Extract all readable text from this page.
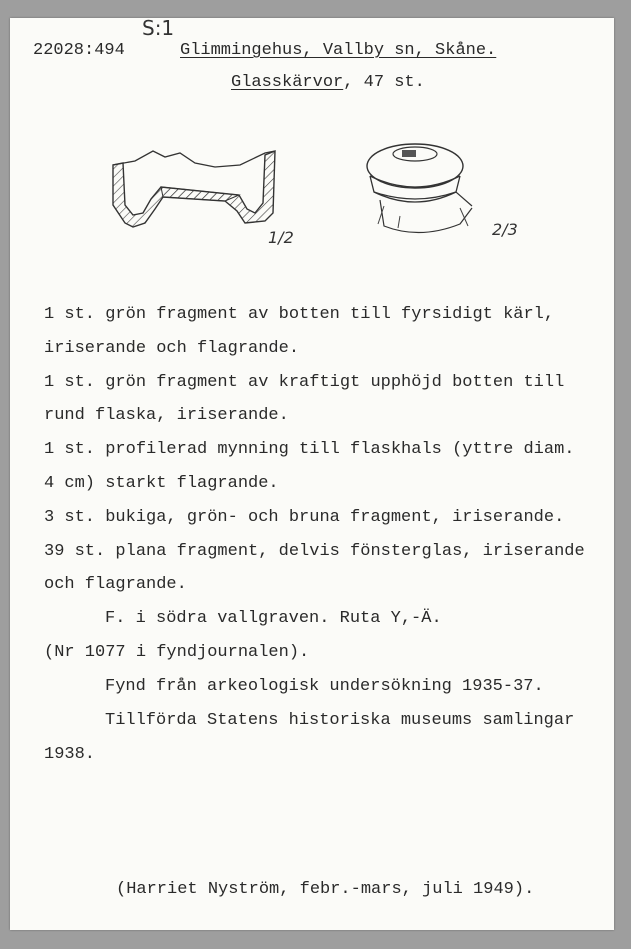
S:1
22028:494	Glimmingehus, Vallby sn, Skåne.
Glasskärvor, 47 st.
1/2	2/3
1 st. grön fragment av botten till fyrsidigt kärl,
iriserande och flagrande.
1 st. grön fragment av kraftigt upphöjd botten till
rund flaska, iriserande.
1 st. profilerad mynning till flaskhals (yttre diam.
4 cm) starkt flagrande.
3 st. bukiga, grön- och bruna fragment, iriserande.
39 st. plana fragment, delvis fönsterglas, iriserande
och flagrande.
F. i södra vallgraven. Ruta Y,-Ä.
(Nr 1077 i fyndjournalen).
Fynd från arkeologisk undersökning 1935-37.
Tillförda Statens historiska museums samlingar
1938.
(Harriet Nyström, febr.-mars, juli 1949).
